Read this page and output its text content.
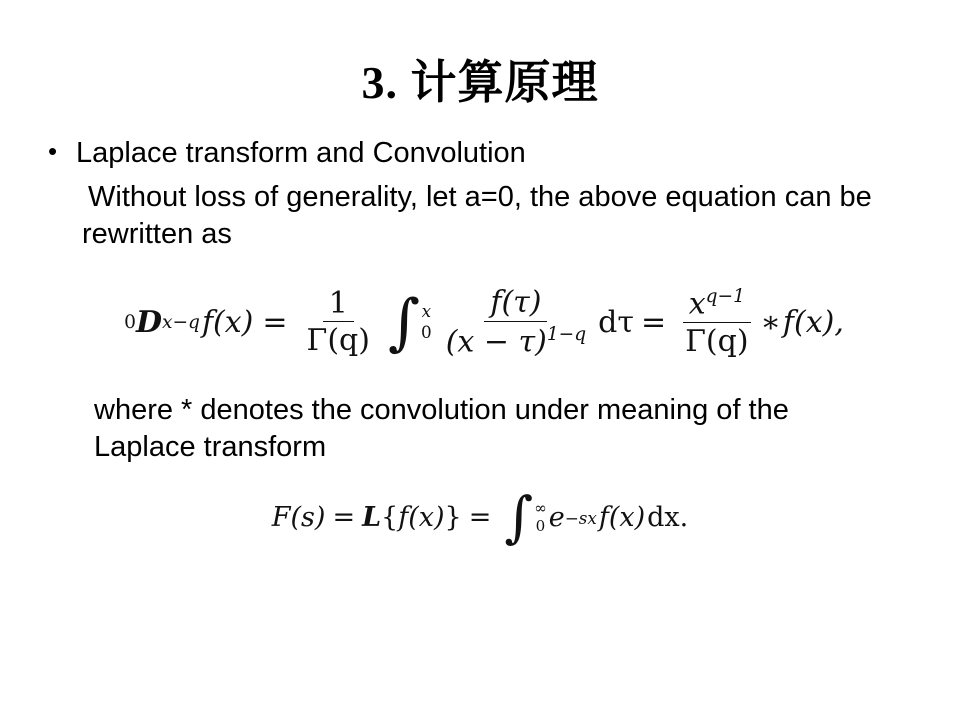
3. 计算原理
• Laplace transform and Convolution

Without loss of generality, let a=0, the above equation can be rewritten as

0 D x −q $f(x) = \frac{1}{\Gamma(q)}$ ∫ x
$0 \frac{f(\tau)}{(x - \tau)^{1-q}}$ $d\tau = \frac{x^{q-1}}{\Gamma(q)}$ ∗ f(x),

where * denotes the convolution under meaning of the Laplace transform

F(s) = L { f(x) } = ∫ ∞
0 e −sx f(x) dx.
